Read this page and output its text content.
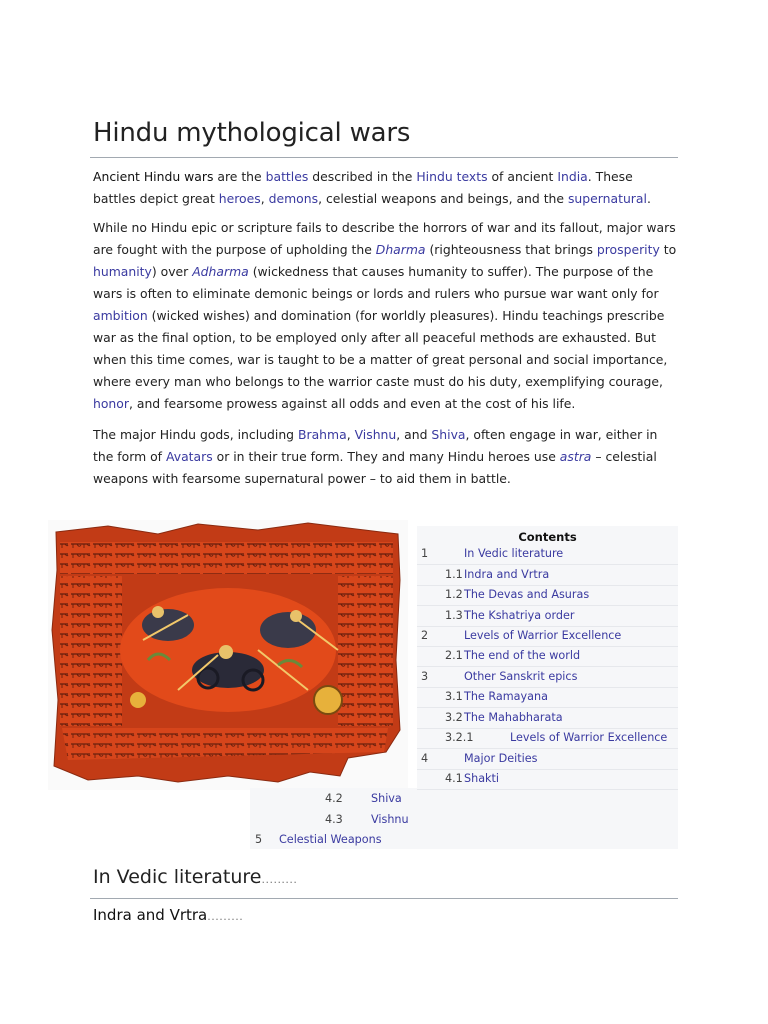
Hindu mythological wars

Ancient Hindu wars are the battles described in the Hindu texts of ancient India. These battles depict great heroes, demons, celestial weapons and beings, and the supernatural.

While no Hindu epic or scripture fails to describe the horrors of war and its fallout, major wars are fought with the purpose of upholding the Dharma (righteousness that brings prosperity to humanity) over Adharma (wickedness that causes humanity to suffer). The purpose of the wars is often to eliminate demonic beings or lords and rulers who pursue war want only for ambition (wicked wishes) and domination (for worldly pleasures). Hindu teachings prescribe war as the final option, to be employed only after all peaceful methods are exhausted. But when this time comes, war is taught to be a matter of great personal and social importance, where every man who belongs to the warrior caste must do his duty, exemplifying courage, honor, and fearsome prowess against all odds and even at the cost of his life.

The major Hindu gods, including Brahma, Vishnu, and Shiva, often engage in war, either in the form of Avatars or in their true form. They and many Hindu heroes use astra – celestial weapons with fearsome supernatural power – to aid them in battle.

Contents
1	In Vedic literature
1.1 Indra and Vrtra
1.2 The Devas and Asuras
1.3 The Kshatriya order
2	Levels of Warrior Excellence
2.1 The end of the world
3	Other Sanskrit epics
3.1 The Ramayana
3.2 The Mahabharata
3.2.1	Levels of Warrior Excellence
4	Major Deities
4.1 Shakti
4.2	Shiva
4.3	Vishnu
5 Celestial Weapons
In Vedic literature.........
Indra and Vrtra.........
